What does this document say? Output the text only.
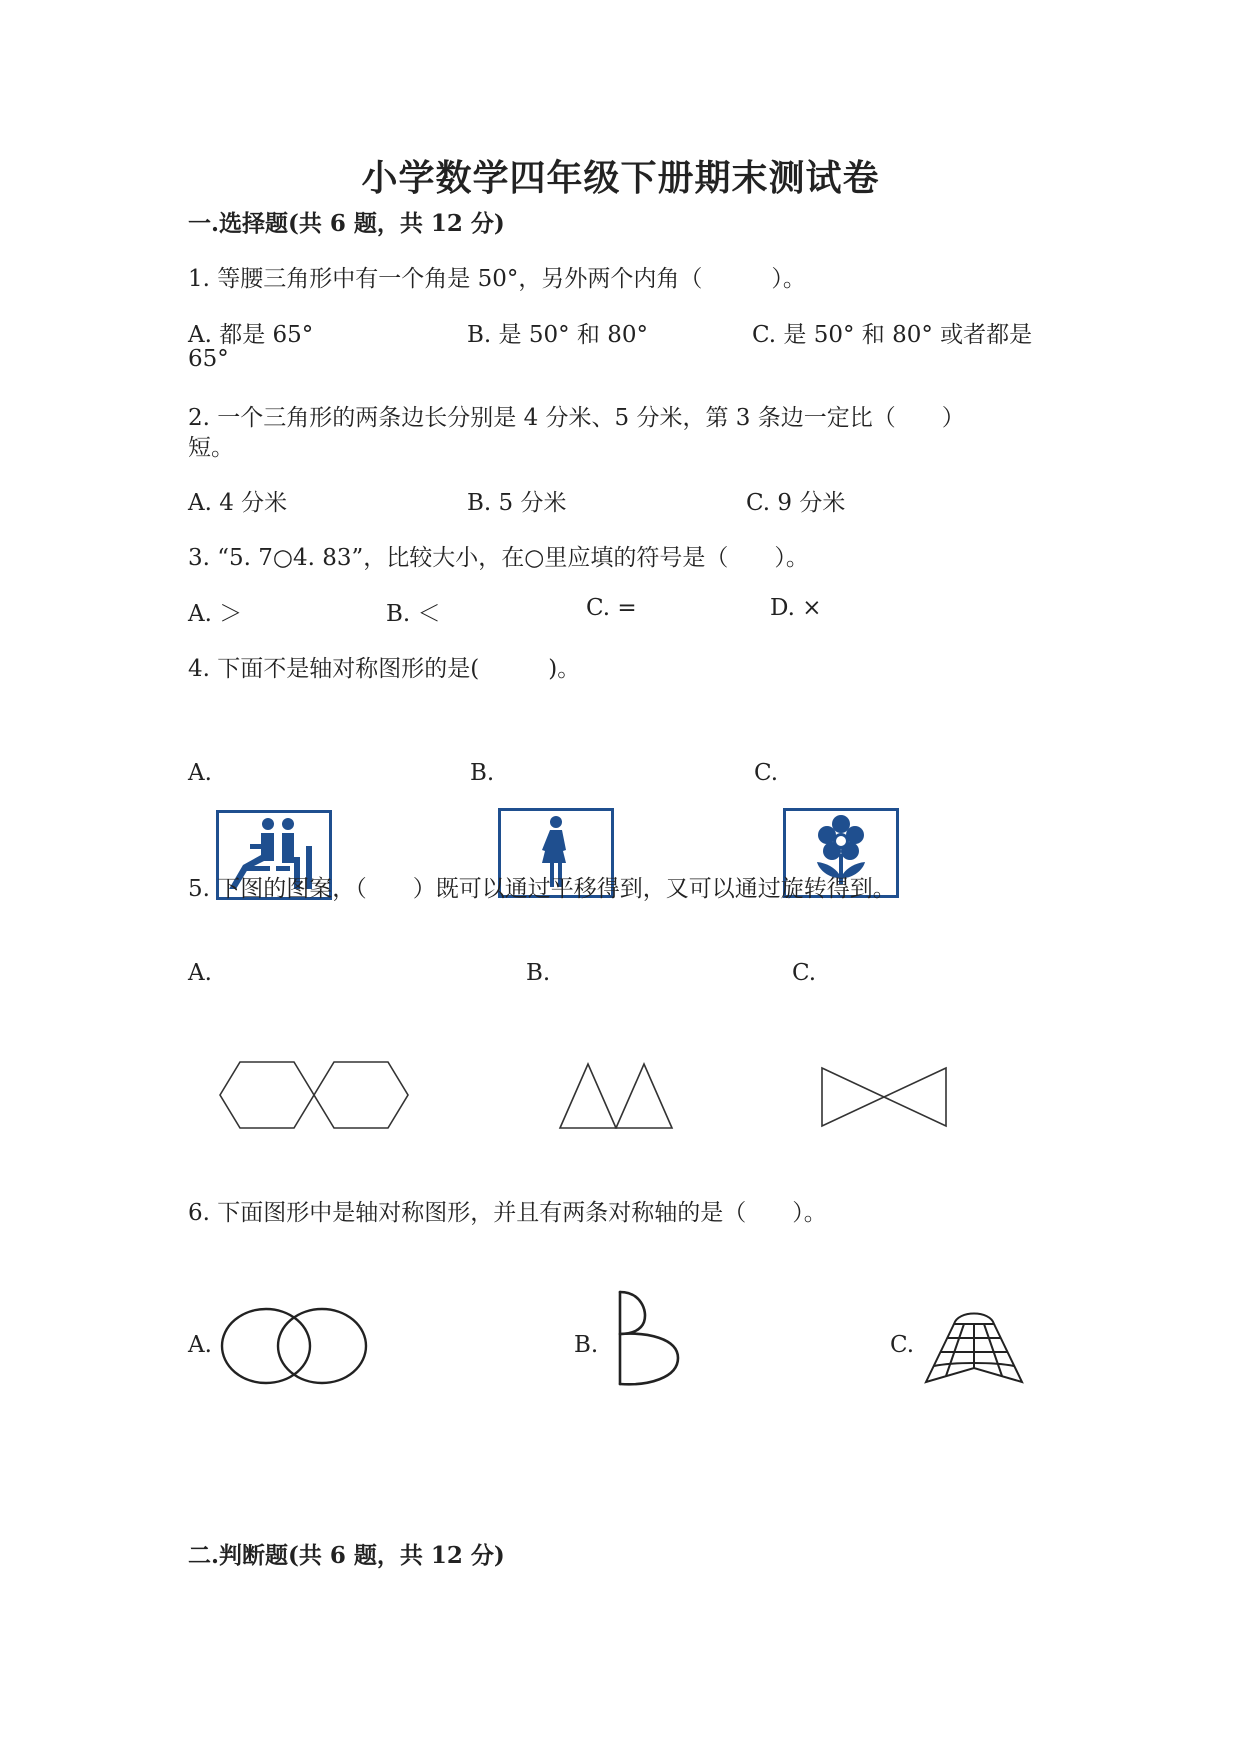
小学数学四年级下册期末测试卷
一.选择题(共 6 题，共 12 分)
1. 等腰三角形中有一个角是 50°，另外两个内角（　　　）。
A. 都是 65°	B. 是 50° 和 80°	C. 是 50° 和 80° 或者都是
65°
2. 一个三角形的两条边长分别是 4 分米、5 分米，第 3 条边一定比（　　）
短。
A. 4 分米	B. 5 分米	C. 9 分米
3. “5. 7○4. 83”，比较大小，在○里应填的符号是（　　）。
A. ＞	B. ＜	C. =	D. ×
4. 下面不是轴对称图形的是(　　　)。
A.	B.	C.
5. 下图的图案，（　　）既可以通过平移得到，又可以通过旋转得到。
A.	B.	C.
6. 下面图形中是轴对称图形，并且有两条对称轴的是（　　）。
A.	B.	C.
二.判断题(共 6 题，共 12 分)
